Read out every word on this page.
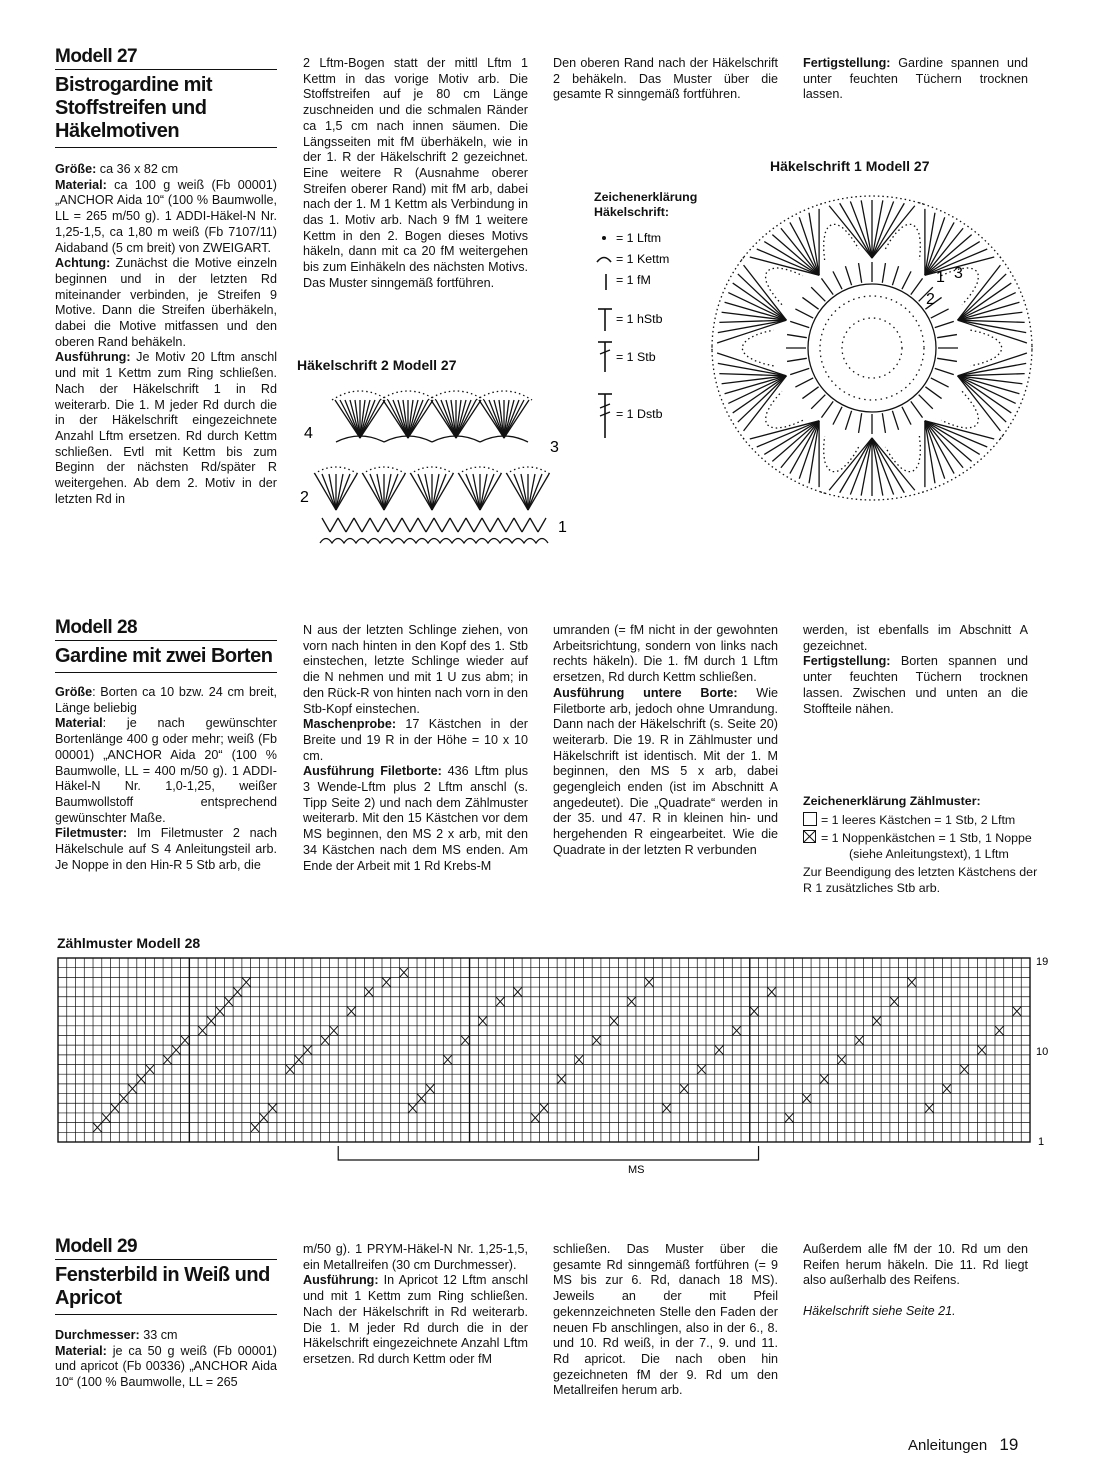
Modell 27
Bistrogardine mit Stoffstreifen und Häkelmotiven

Größe: ca 36 x 82 cm

Material: ca 100 g weiß (Fb 00001) „ANCHOR Aida 10“ (100 % Baumwolle, LL = 265 m/50 g). 1 ADDI-Häkel-N Nr. 1,25-1,5, ca 1,80 m weiß (Fb 7107/11) Aidaband (5 cm breit) von ZWEIGART.

Achtung: Zunächst die Motive einzeln beginnen und in der letzten Rd miteinander verbinden, je Streifen 9 Motive. Dann die Streifen überhäkeln, dabei die Motive mitfassen und den oberen Rand behäkeln.

Ausführung: Je Motiv 20 Lftm anschl und mit 1 Kettm zum Ring schließen. Nach der Häkelschrift 1 in Rd weiterarb. Die 1. M jeder Rd durch die in der Häkelschrift eingezeichnete Anzahl Lftm ersetzen. Rd durch Kettm schließen. Evtl mit Kettm bis zum Beginn der nächsten Rd/später R weitergehen. Ab dem 2. Motiv in der letzten Rd in

2 Lftm-Bogen statt der mittl Lftm 1 Kettm in das vorige Motiv arb. Die Stoffstreifen auf je 80 cm Länge zuschneiden und die schmalen Ränder ca 1,5 cm nach innen säumen. Die Längsseiten mit fM überhäkeln, wie in der 1. R der Häkelschrift 2 gezeichnet. Eine weitere R (Ausnahme oberer Streifen oberer Rand) mit fM arb, dabei nach der 1. M 1 Kettm als Verbindung in das 1. Motiv arb. Nach 9 fM 1 weitere Kettm in den 2. Bogen dieses Motivs häkeln, dann mit ca 20 fM weitergehen bis zum Einhäkeln des nächsten Motivs. Das Muster sinngemäß fortführen.
Den oberen Rand nach der Häkelschrift 2 behäkeln. Das Muster über die gesamte R sinngemäß fortführen.
Fertigstellung: Gardine spannen und unter feuchten Tüchern trocknen lassen.
Häkelschrift 2 Modell 27
Häkelschrift 1 Modell 27
Zeichenerklärung Häkelschrift:
= 1 Lftm
= 1 Kettm
= 1 fM
= 1 hStb
= 1 Stb
= 1 Dstb
1
2
3
4
3
2
1
Modell 28
Gardine mit zwei Borten

Größe: Borten ca 10 bzw. 24 cm breit, Länge beliebig

Material: je nach gewünschter Bortenlänge 400 g oder mehr; weiß (Fb 00001) „ANCHOR Aida 20“ (100 % Baumwolle, LL = 400 m/50 g). 1 ADDI-Häkel-N Nr. 1,0-1,25, weißer Baumwollstoff entsprechend gewünschter Maße.

Filetmuster: Im Filetmuster 2 nach Häkelschule auf S 4 Anleitungsteil arb. Je Noppe in den Hin-R 5 Stb arb, die

N aus der letzten Schlinge ziehen, von vorn nach hinten in den Kopf des 1. Stb einstechen, letzte Schlinge wieder auf die N nehmen und mit 1 U zus abm; in den Rück-R von hinten nach vorn in den Stb-Kopf einstechen.

Maschenprobe: 17 Kästchen in der Breite und 19 R in der Höhe = 10 x 10 cm.

Ausführung Filetborte: 436 Lftm plus 3 Wende-Lftm plus 2 Lftm anschl (s. Tipp Seite 2) und nach dem Zählmuster weiterarb. Mit den 15 Kästchen vor dem MS beginnen, den MS 2 x arb, mit den 34 Kästchen nach dem MS enden. Am Ende der Arbeit mit 1 Rd Krebs-M

umranden (= fM nicht in der gewohnten Arbeitsrichtung, sondern von links nach rechts häkeln). Die 1. fM durch 1 Lftm ersetzen, Rd durch Kettm schließen.

Ausführung untere Borte: Wie Filetborte arb, jedoch ohne Umrandung. Dann nach der Häkelschrift (s. Seite 20) weiterarb. Die 19. R in Zählmuster und Häkelschrift ist identisch. Mit der 1. M beginnen, den MS 5 x arb, dabei gegengleich enden (ist im Abschnitt A angedeutet). Die „Quadrate“ werden in der 35. und 47. R in kleinen hin- und hergehenden R eingearbeitet. Wie die Quadrate in der letzten R verbunden

werden, ist ebenfalls im Abschnitt A gezeichnet.

Fertigstellung: Borten spannen und unter feuchten Tüchern trocknen lassen. Zwischen und unten an die Stoffteile nähen.

Zeichenerklärung Zählmuster:
= 1 leeres Kästchen = 1 Stb, 2 Lftm
= 1 Noppenkästchen = 1 Stb, 1 Noppe
(siehe Anleitungstext), 1 Lftm
Zur Beendigung des letzten Kästchens der R 1 zusätzliches Stb arb.
Zählmuster Modell 28
19
10
1
MS
Modell 29
Fensterbild in Weiß und Apricot

Durchmesser: 33 cm

Material: je ca 50 g weiß (Fb 00001) und apricot (Fb 00336) „ANCHOR Aida 10“ (100 % Baumwolle, LL = 265

m/50 g). 1 PRYM-Häkel-N Nr. 1,25-1,5, ein Metallreifen (30 cm Durchmesser).

Ausführung: In Apricot 12 Lftm anschl und mit 1 Kettm zum Ring schließen. Nach der Häkelschrift in Rd weiterarb. Die 1. M jeder Rd durch die in der Häkelschrift eingezeichnete Anzahl Lftm ersetzen. Rd durch Kettm oder fM

schließen. Das Muster über die gesamte Rd sinngemäß fortführen (= 9 MS bis zur 6. Rd, danach 18 MS). Jeweils an der mit Pfeil gekennzeichneten Stelle den Faden der neuen Fb anschlingen, also in der 6., 8. und 10. Rd weiß, in der 7., 9. und 11. Rd apricot. Die nach oben hin gezeichneten fM der 9. Rd um den Metallreifen herum arb.

Außerdem alle fM der 10. Rd um den Reifen herum häkeln. Die 11. Rd liegt also außerhalb des Reifens.

Häkelschrift siehe Seite 21.

Anleitungen 19
